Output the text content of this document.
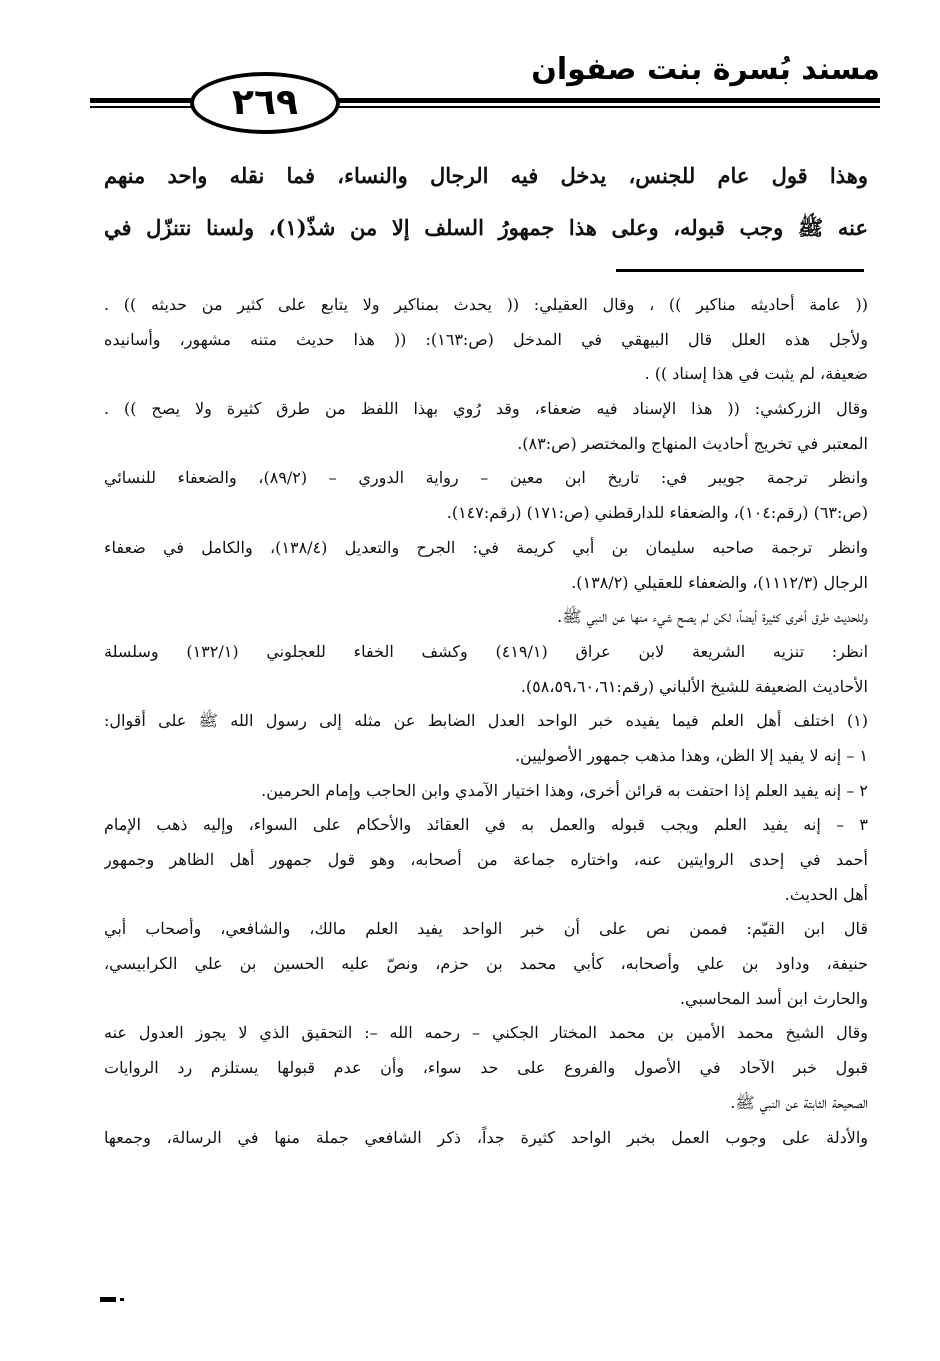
مسند بُسرة بنت صفوان
٢٦٩
وهذا قول عام للجنس، يدخل فيه الرجال والنساء، فما نقله واحد منهم
عنه ﷺ وجب قبوله، وعلى هذا جمهورُ السلف إلا من شذّ(١)، ولسنا نتنزّل في
(( عامة أحاديثه مناكير )) ، وقال العقيلي: (( يحدث بمناكير ولا يتابع على كثير من حديثه )) .
ولأجل هذه العلل قال البيهقي في المدخل (ص:١٦٣): (( هذا حديث متنه مشهور، وأسانيده
ضعيفة، لم يثبت في هذا إسناد )) .
وقال الزركشي: (( هذا الإسناد فيه ضعفاء، وقد رُوي بهذا اللفظ من طرق كثيرة ولا يصح )) .
المعتبر في تخريج أحاديث المنهاج والمختصر (ص:٨٣).
وانظر ترجمة جويبر في: تاريخ ابن معين – رواية الدوري – (٨٩/٢)، والضعفاء للنسائي
(ص:٦٣) (رقم:١٠٤)، والضعفاء للدارقطني (ص:١٧١) (رقم:١٤٧).
وانظر ترجمة صاحبه سليمان بن أبي كريمة في: الجرح والتعديل (١٣٨/٤)، والكامل في ضعفاء
الرجال (١١١٢/٣)، والضعفاء للعقيلي (١٣٨/٢).
وللحديث طرق أخرى كثيرة أيضاً، لكن لم يصح شيء منها عن النبي ﷺ.
انظر: تنزيه الشريعة لابن عراق (٤١٩/١) وكشف الخفاء للعجلوني (١٣٢/١) وسلسلة
الأحاديث الضعيفة للشيخ الألباني (رقم:٥٨،٥٩،٦٠،٦١).
(١) اختلف أهل العلم فيما يفيده خبر الواحد العدل الضابط عن مثله إلى رسول الله ﷺ على أقوال:
١ – إنه لا يفيد إلا الظن، وهذا مذهب جمهور الأصوليين.
٢ – إنه يفيد العلم إذا احتفت به قرائن أخرى، وهذا اختيار الآمدي وابن الحاجب وإمام الحرمين.
٣ – إنه يفيد العلم ويجب قبوله والعمل به في العقائد والأحكام على السواء، وإليه ذهب الإمام
أحمد في إحدى الروايتين عنه، واختاره جماعة من أصحابه، وهو قول جمهور أهل الظاهر وجمهور
أهل الحديث.
قال ابن القيّم: فممن نص على أن خبر الواحد يفيد العلم مالك، والشافعي، وأصحاب أبي
حنيفة، وداود بن علي وأصحابه، كأبي محمد بن حزم، ونصّ عليه الحسين بن علي الكرابيسي،
والحارث ابن أسد المحاسبي.
وقال الشيخ محمد الأمين بن محمد المختار الجكني – رحمه الله –: التحقيق الذي لا يجوز العدول عنه
قبول خبر الآحاد في الأصول والفروع على حد سواء، وأن عدم قبولها يستلزم رد الروايات
الصحيحة الثابتة عن النبي ﷺ.
والأدلة على وجوب العمل بخبر الواحد كثيرة جداً، ذكر الشافعي جملة منها في الرسالة، وجمعها
